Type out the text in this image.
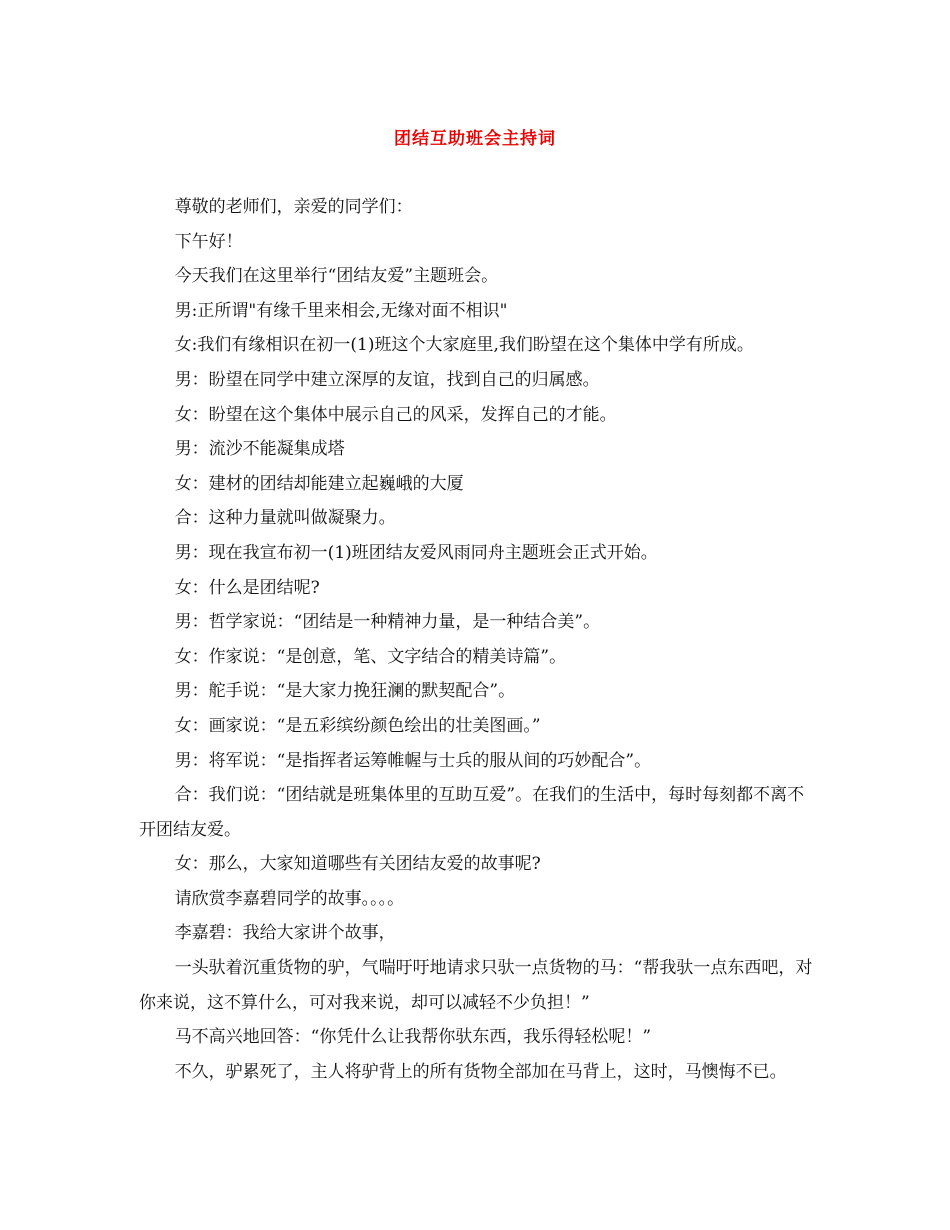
团结互助班会主持词

尊敬的老师们，亲爱的同学们：

下午好！

今天我们在这里举行“团结友爱”主题班会。

男:正所谓"有缘千里来相会,无缘对面不相识"

女:我们有缘相识在初一(1)班这个大家庭里,我们盼望在这个集体中学有所成。

男：盼望在同学中建立深厚的友谊，找到自己的归属感。

女：盼望在这个集体中展示自己的风采，发挥自己的才能。

男：流沙不能凝集成塔

女：建材的团结却能建立起巍峨的大厦

合：这种力量就叫做凝聚力。

男：现在我宣布初一(1)班团结友爱风雨同舟主题班会正式开始。

女：什么是团结呢?

男：哲学家说：“团结是一种精神力量，是一种结合美”。

女：作家说：“是创意，笔、文字结合的精美诗篇”。

男：舵手说：“是大家力挽狂澜的默契配合”。

女：画家说：“是五彩缤纷颜色绘出的壮美图画。”

男：将军说：“是指挥者运筹帷幄与士兵的服从间的巧妙配合”。

合：我们说：“团结就是班集体里的互助互爱”。在我们的生活中，每时每刻都不离不开团结友爱。

女：那么，大家知道哪些有关团结友爱的故事呢?

请欣赏李嘉碧同学的故事。。。。

李嘉碧：我给大家讲个故事，

一头驮着沉重货物的驴，气喘吁吁地请求只驮一点货物的马：“帮我驮一点东西吧，对你来说，这不算什么，可对我来说，却可以减轻不少负担！”

马不高兴地回答：“你凭什么让我帮你驮东西，我乐得轻松呢！”

不久，驴累死了，主人将驴背上的所有货物全部加在马背上，这时，马懊悔不已。
